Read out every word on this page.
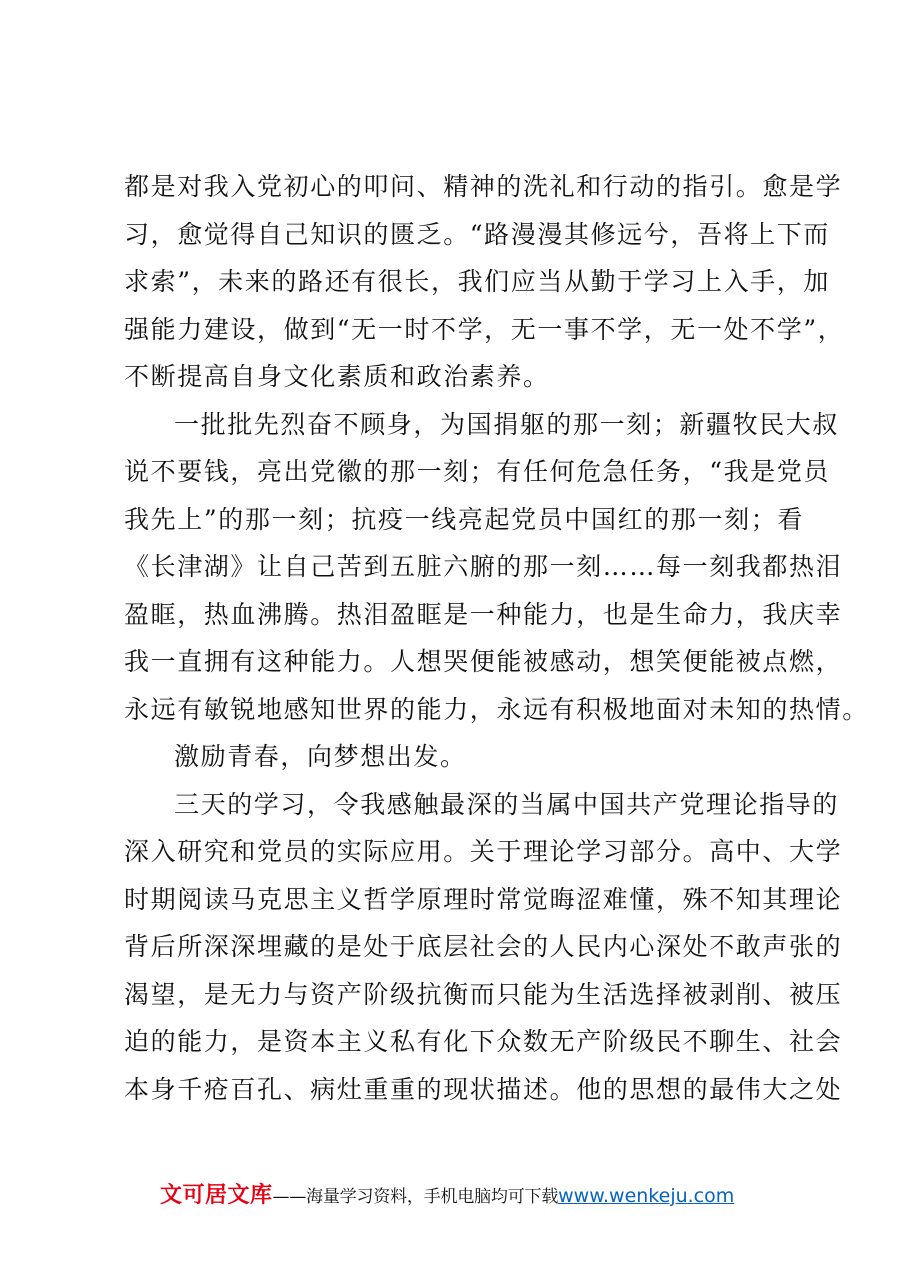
都是对我入党初心的叩问、精神的洗礼和行动的指引。愈是学
习，愈觉得自己知识的匮乏。“路漫漫其修远兮，吾将上下而
求索”，未来的路还有很长，我们应当从勤于学习上入手，加
强能力建设，做到“无一时不学，无一事不学，无一处不学”，
不断提高自身文化素质和政治素养。
一批批先烈奋不顾身，为国捐躯的那一刻；新疆牧民大叔
说不要钱，亮出党徽的那一刻；有任何危急任务，“我是党员
我先上”的那一刻；抗疫一线亮起党员中国红的那一刻；看
《长津湖》让自己苦到五脏六腑的那一刻……每一刻我都热泪
盈眶，热血沸腾。热泪盈眶是一种能力，也是生命力，我庆幸
我一直拥有这种能力。人想哭便能被感动，想笑便能被点燃，
永远有敏锐地感知世界的能力，永远有积极地面对未知的热情。
激励青春，向梦想出发。
三天的学习，令我感触最深的当属中国共产党理论指导的
深入研究和党员的实际应用。关于理论学习部分。高中、大学
时期阅读马克思主义哲学原理时常觉晦涩难懂，殊不知其理论
背后所深深埋藏的是处于底层社会的人民内心深处不敢声张的
渴望，是无力与资产阶级抗衡而只能为生活选择被剥削、被压
迫的能力，是资本主义私有化下众数无产阶级民不聊生、社会
本身千疮百孔、病灶重重的现状描述。他的思想的最伟大之处
文可居文库——海量学习资料，手机电脑均可下载www.wenkeju.com
